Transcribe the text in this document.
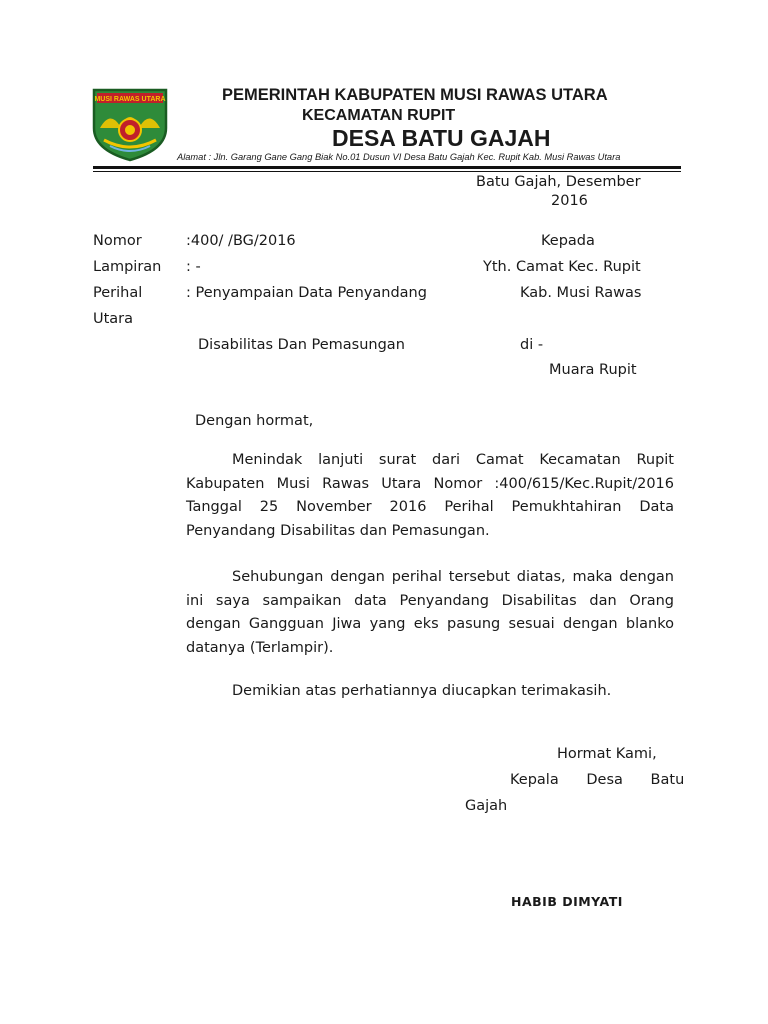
MUSI RAWAS UTARA	PEMERINTAH KABUPATEN MUSI RAWAS UTARA
KECAMATAN RUPIT
DESA BATU GAJAH
Alamat : Jln. Garang Gane Gang Biak No.01 Dusun VI Desa Batu Gajah Kec. Rupit Kab. Musi Rawas Utara
Batu Gajah, Desember
2016
Nomor	:400/ /BG/2016
Lampiran : -
Perihal	: Penyampaian Data Penyandang
Utara
Disabilitas Dan Pemasungan
Kepada
Yth. Camat Kec. Rupit
Kab. Musi Rawas
di -
Muara Rupit
Dengan hormat,
Menindak lanjuti surat dari Camat Kecamatan Rupit Kabupaten Musi Rawas Utara Nomor :400/615/Kec.Rupit/2016 Tanggal 25 November 2016 Perihal Pemukhtahiran Data Penyandang Disabilitas dan Pemasungan.
Sehubungan dengan perihal tersebut diatas, maka dengan ini saya sampaikan data Penyandang Disabilitas dan Orang dengan Gangguan Jiwa yang eks pasung sesuai dengan blanko datanya (Terlampir).
Demikian atas perhatiannya diucapkan terimakasih.
Hormat Kami,
Kepala      Desa      Batu
Gajah
HABIB DIMYATI
